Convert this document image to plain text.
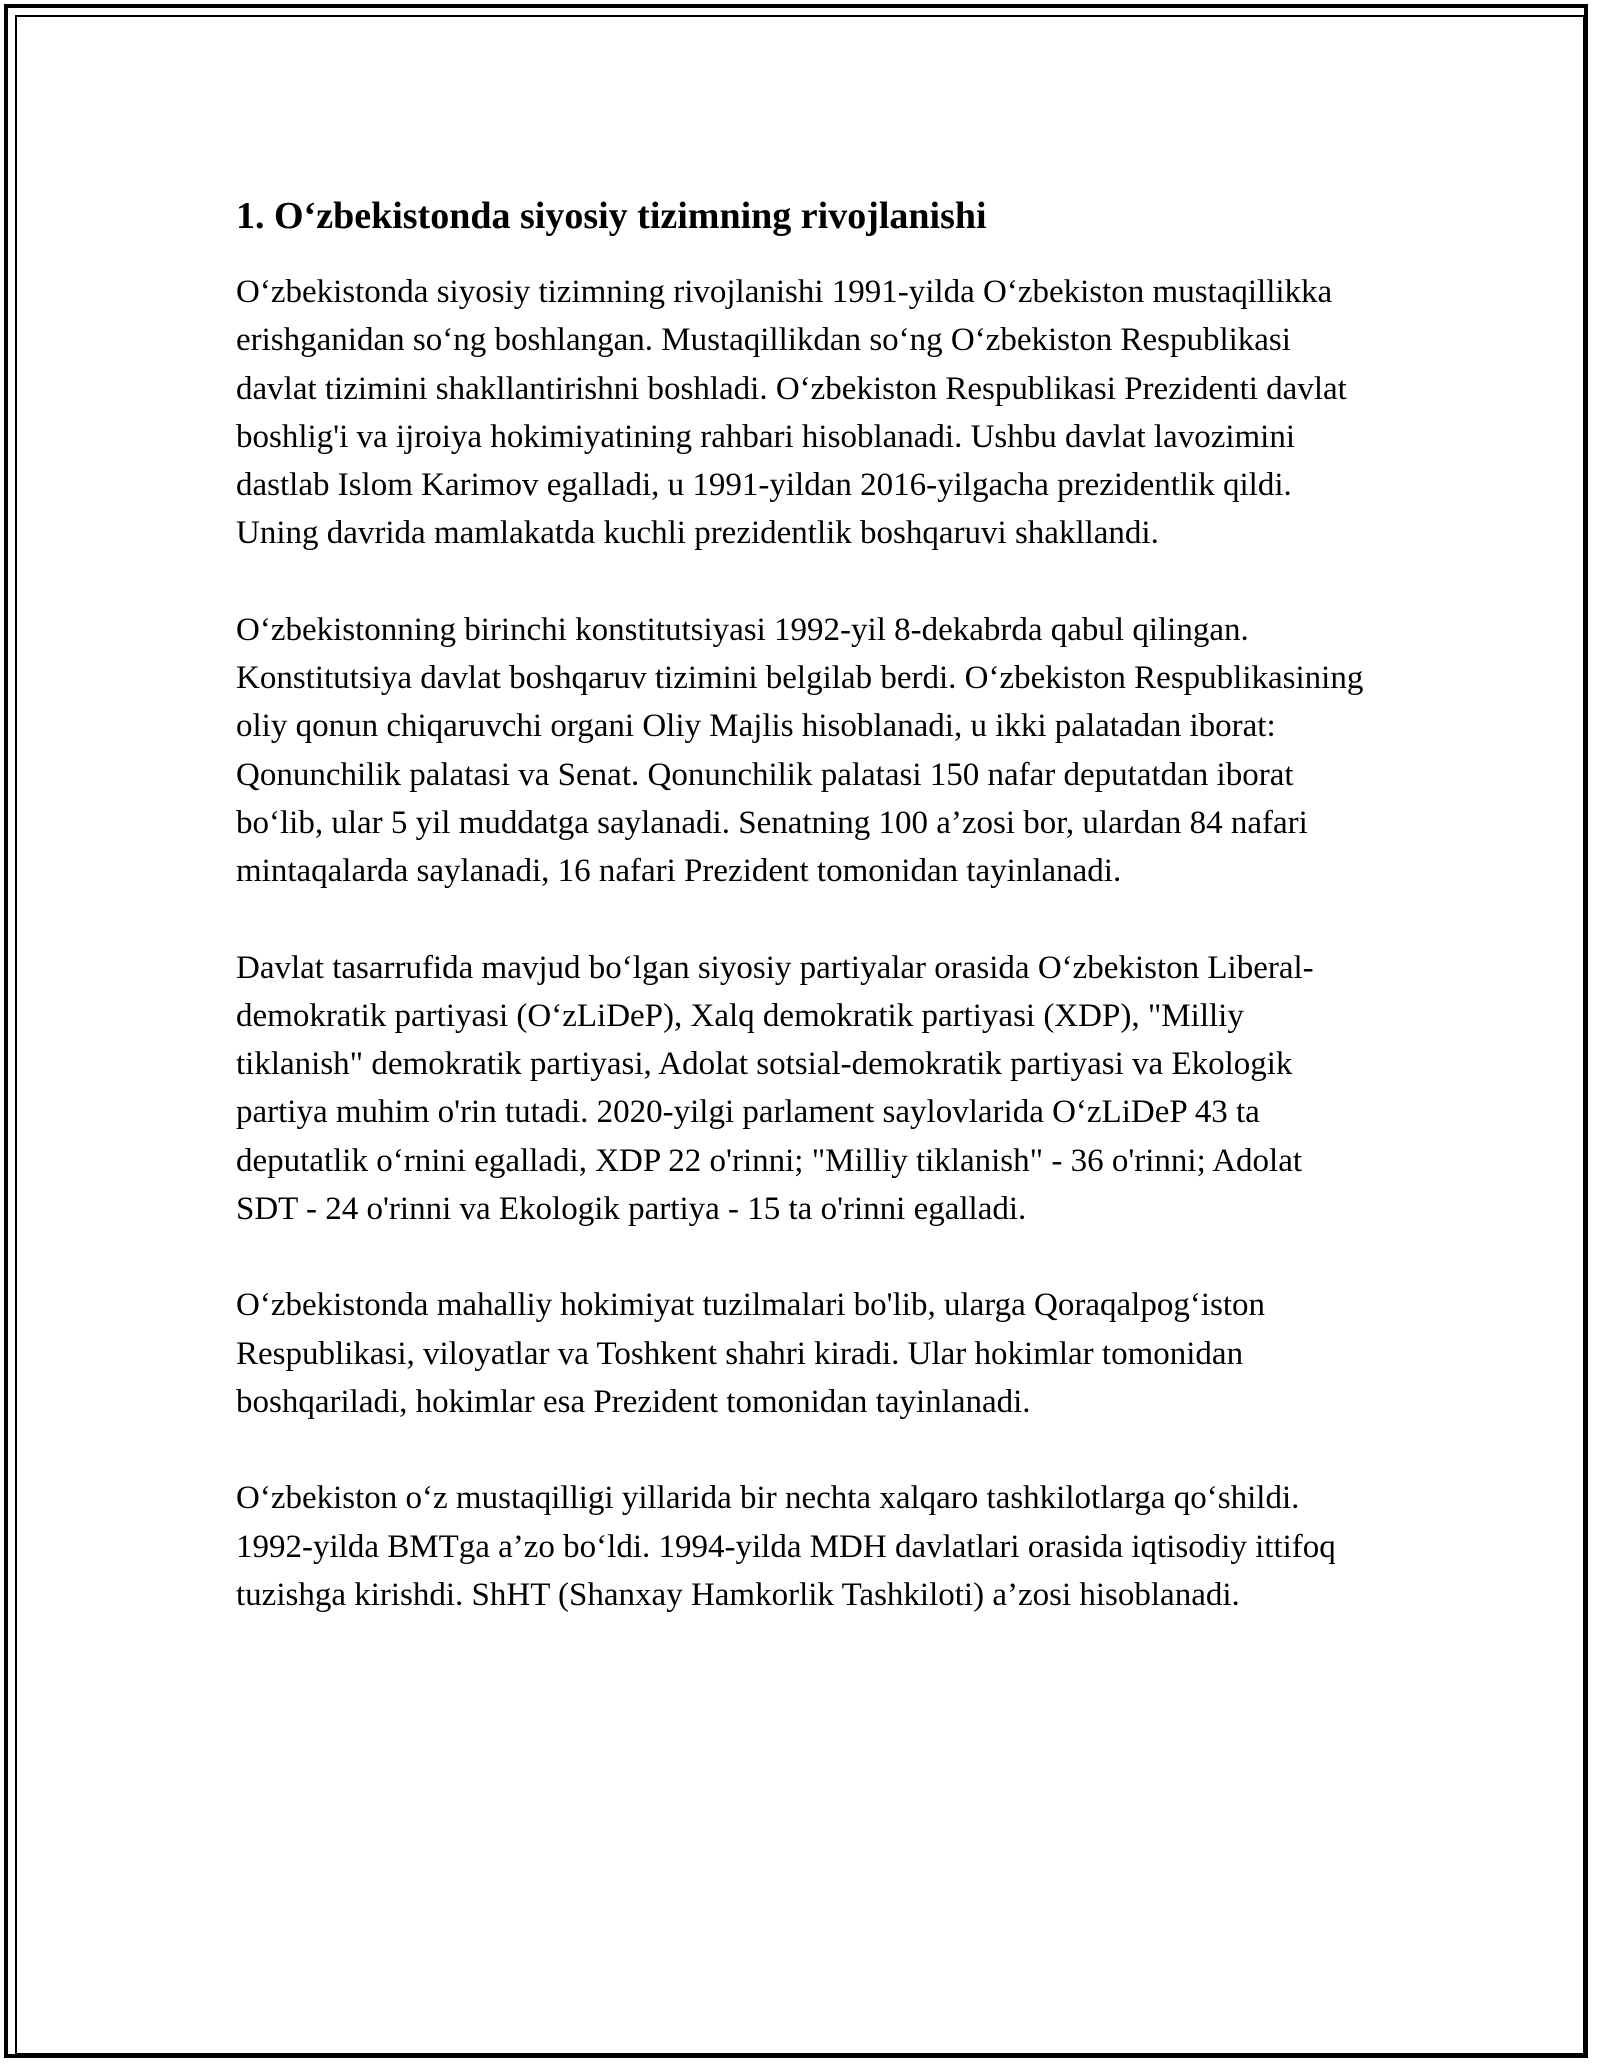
1. O‘zbekistonda siyosiy tizimning rivojlanishi

O‘zbekistonda siyosiy tizimning rivojlanishi 1991-yilda O‘zbekiston mustaqillikka erishganidan so‘ng boshlangan. Mustaqillikdan so‘ng O‘zbekiston Respublikasi davlat tizimini shakllantirishni boshladi. O‘zbekiston Respublikasi Prezidenti davlat boshlig'i va ijroiya hokimiyatining rahbari hisoblanadi. Ushbu davlat lavozimini dastlab Islom Karimov egalladi, u 1991-yildan 2016-yilgacha prezidentlik qildi. Uning davrida mamlakatda kuchli prezidentlik boshqaruvi shakllandi.

O‘zbekistonning birinchi konstitutsiyasi 1992-yil 8-dekabrda qabul qilingan. Konstitutsiya davlat boshqaruv tizimini belgilab berdi. O‘zbekiston Respublikasining oliy qonun chiqaruvchi organi Oliy Majlis hisoblanadi, u ikki palatadan iborat: Qonunchilik palatasi va Senat. Qonunchilik palatasi 150 nafar deputatdan iborat bo‘lib, ular 5 yil muddatga saylanadi. Senatning 100 a’zosi bor, ulardan 84 nafari mintaqalarda saylanadi, 16 nafari Prezident tomonidan tayinlanadi.

Davlat tasarrufida mavjud bo‘lgan siyosiy partiyalar orasida O‘zbekiston Liberal-demokratik partiyasi (O‘zLiDeP), Xalq demokratik partiyasi (XDP), "Milliy tiklanish" demokratik partiyasi, Adolat sotsial-demokratik partiyasi va Ekologik partiya muhim o'rin tutadi. 2020-yilgi parlament saylovlarida O‘zLiDeP 43 ta deputatlik o‘rnini egalladi, XDP 22 o'rinni; "Milliy tiklanish" - 36 o'rinni; Adolat SDT - 24 o'rinni va Ekologik partiya - 15 ta o'rinni egalladi.

O‘zbekistonda mahalliy hokimiyat tuzilmalari bo'lib, ularga Qoraqalpog‘iston Respublikasi, viloyatlar va Toshkent shahri kiradi. Ular hokimlar tomonidan boshqariladi, hokimlar esa Prezident tomonidan tayinlanadi.

O‘zbekiston o‘z mustaqilligi yillarida bir nechta xalqaro tashkilotlarga qo‘shildi. 1992-yilda BMTga a’zo bo‘ldi. 1994-yilda MDH davlatlari orasida iqtisodiy ittifoq tuzishga kirishdi. ShHT (Shanxay Hamkorlik Tashkiloti) a’zosi hisoblanadi.
